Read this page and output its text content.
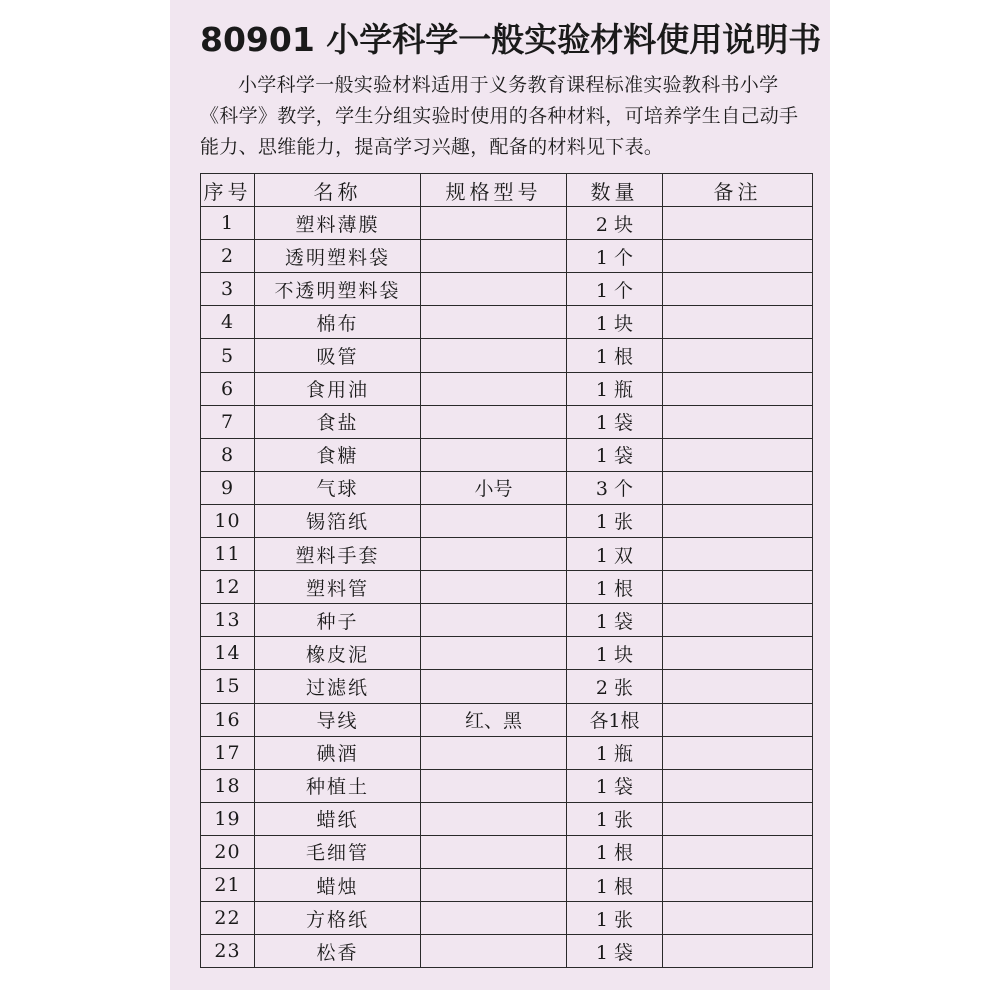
80901 小学科学一般实验材料使用说明书
小学科学一般实验材料适用于义务教育课程标准实验教科书小学《科学》教学，学生分组实验时使用的各种材料，可培养学生自己动手能力、思维能力，提高学习兴趣，配备的材料见下表。
序号	名称	规格型号	数量	备注
1	塑料薄膜		2 块	
2	透明塑料袋		1 个	
3	不透明塑料袋		1 个	
4	棉布		1 块	
5	吸管		1 根	
6	食用油		1 瓶	
7	食盐		1 袋	
8	食糖		1 袋	
9	气球	小号	3 个	
10	锡箔纸		1 张	
11	塑料手套		1 双	
12	塑料管		1 根	
13	种子		1 袋	
14	橡皮泥		1 块	
15	过滤纸		2 张	
16	导线	红、黑	各1根	
17	碘酒		1 瓶	
18	种植土		1 袋	
19	蜡纸		1 张	
20	毛细管		1 根	
21	蜡烛		1 根	
22	方格纸		1 张	
23	松香		1 袋	
